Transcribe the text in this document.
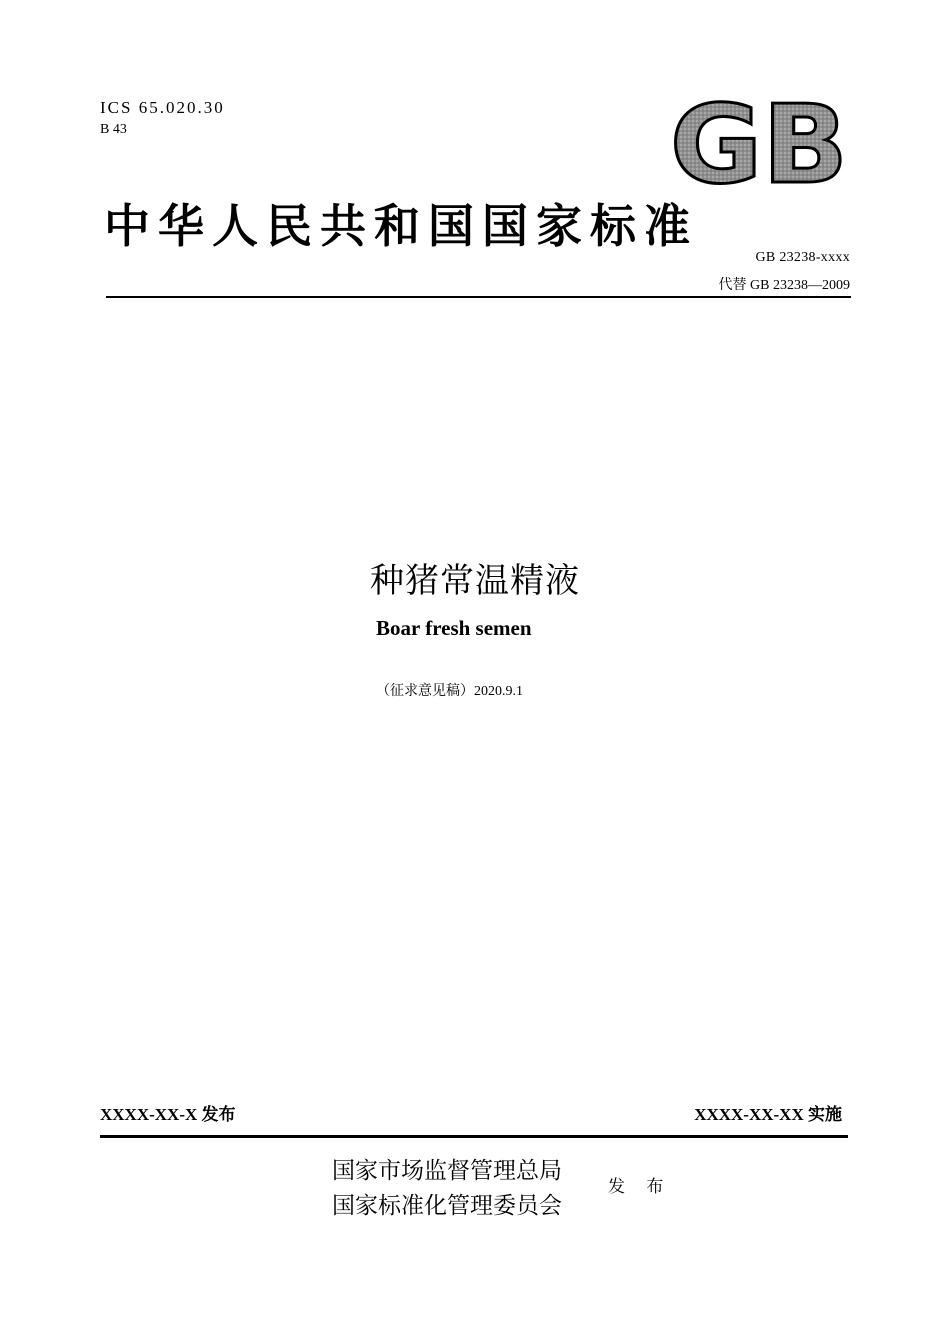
ICS 65.020.30
B 43	GB
中华人民共和国国家标准
GB 23238-xxxx
代替 GB 23238—2009
种猪常温精液
Boar fresh semen
（征求意见稿）2020.9.1
XXXX-XX-X 发布	XXXX-XX-XX 实施
国家市场监督管理总局
国家标准化管理委员会
发 布
